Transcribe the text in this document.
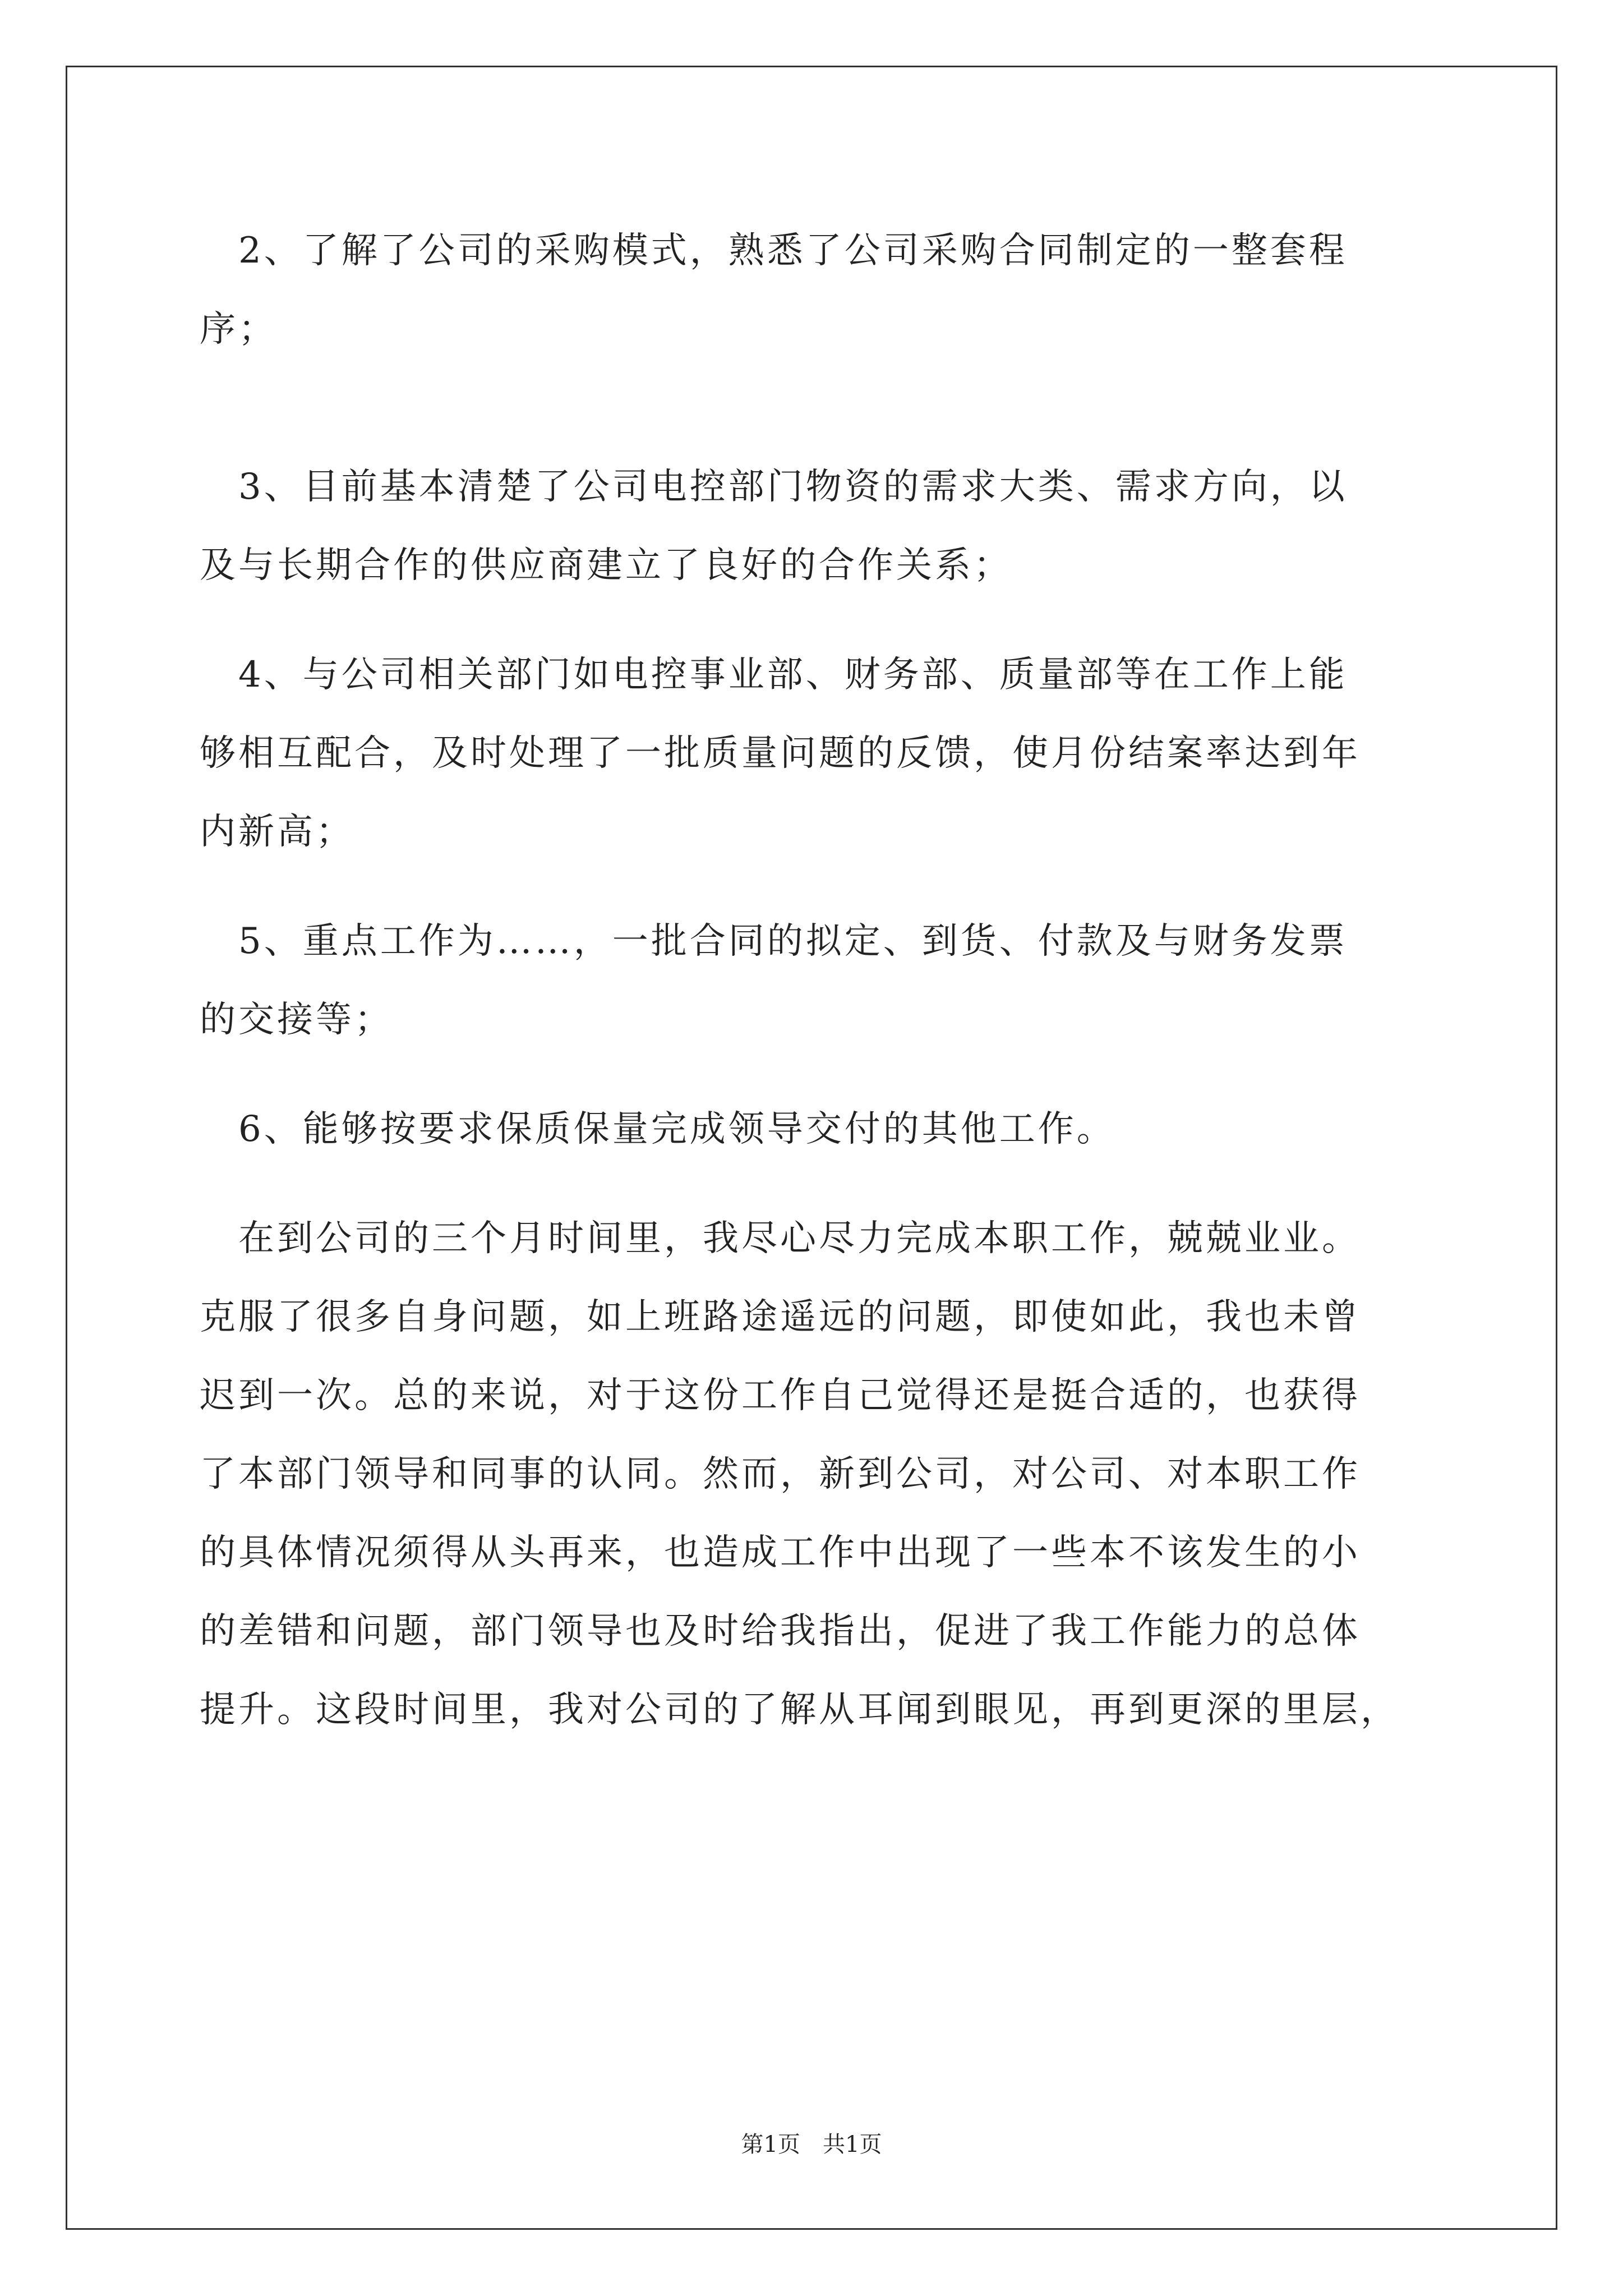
　2、了解了公司的采购模式，熟悉了公司采购合同制定的一整套程
序；
　3、目前基本清楚了公司电控部门物资的需求大类、需求方向，以
及与长期合作的供应商建立了良好的合作关系；
　4、与公司相关部门如电控事业部、财务部、质量部等在工作上能
够相互配合，及时处理了一批质量问题的反馈，使月份结案率达到年
内新高；
　5、重点工作为……，一批合同的拟定、到货、付款及与财务发票
的交接等；
　6、能够按要求保质保量完成领导交付的其他工作。
　在到公司的三个月时间里，我尽心尽力完成本职工作，兢兢业业。
克服了很多自身问题，如上班路途遥远的问题，即使如此，我也未曾
迟到一次。总的来说，对于这份工作自己觉得还是挺合适的，也获得
了本部门领导和同事的认同。然而，新到公司，对公司、对本职工作
的具体情况须得从头再来，也造成工作中出现了一些本不该发生的小
的差错和问题，部门领导也及时给我指出，促进了我工作能力的总体
提升。这段时间里，我对公司的了解从耳闻到眼见，再到更深的里层，
第1页　共1页
